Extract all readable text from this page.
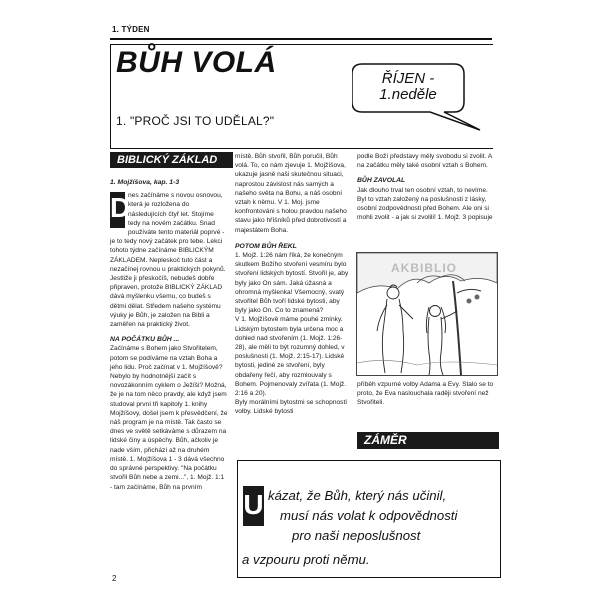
1. TÝDEN
BŮH VOLÁ
1. "PROČ JSI TO UDĚLAL?"
ŘÍJEN -
1.neděle
BIBLICKÝ ZÁKLAD
1. Mojžíšova, kap. 1-3
D

nes začínáme s novou osnovou, která je rozložena do následujících čtyř let. Stojíme tedy na novém začátku. Snad používáte tento materiál poprvé - je to tedy nový začátek pro tebe. Lekci tohoto týdne začínáme BIBLICKÝM ZÁKLADEM. Nepleskoč tuto část a nezačínej rovnou u praktických pokynů. Jestliže ji přeskočíš, nebudeš dobře připraven, protože BIBLICKÝ ZÁKLAD dává myšlenku všemu, co budeš s dětmi dělat. Středem našeho systému výuky je Bůh, je založen na Bibli a zaměřen na praktický život.

NA POČÁTKU BŮH ...

Začínáme s Bohem jako Stvořitelem, potom se podíváme na vztah Boha a jeho lidu. Proč začínat v 1. Mojžíšově? Nebylo by hodnotnější začít s novozákonním cyklem o Ježíši? Možná, že je na tom něco pravdy, ale když jsem studoval první tři kapitoly 1. knihy Mojžíšovy, došel jsem k přesvědčení, že náš program je na místě. Tak často se dnes ve světě setkáváme s důrazem na lidské činy a úspěchy. Bůh, ačkoliv je nade vším, přichází až na druhém místě. 1. Mojžíšova 1 - 3 dává všechno do správné perspektivy. "Na počátku stvořil Bůh nebe a zemi...", 1. Mojž. 1:1 - tam začínáme, Bůh na prvním

místě. Bůh stvořil, Bůh poručil, Bůh volá. To, co nám zjevuje 1. Mojžíšova, ukazuje jasně naši skutečnou situaci, naprostou závislost nás samých a našeho světa na Bohu, a náš osobní vztah k němu. V 1. Moj. jsme konfrontováni s holou pravdou našeho stavu jako hříšníků před dobrotivostí a majestátem Boha.

POTOM BŮH ŘEKL

1. Mojž. 1:26 nám říká, že konečným skutkem Božího stvoření vesmíru bylo stvoření lidských bytostí. Stvořil je, aby byly jako On sám. Jaká úžasná a ohromná myšlenka! Všemocný, svatý stvořitel Bůh tvoří lidské bytosti, aby byly jako On. Co to znamená?

V 1. Mojžíšově máme pouhé zmínky. Lidským bytostem byla určena moc a dohled nad stvořením (1. Mojž. 1:26-28), ale měli to být rozumný dohled, v poslušnosti (1. Mojž. 2:15-17). Lidské bytosti, jediné ze stvoření, byly obdařeny řečí, aby rozmlouvaly s Bohem. Pojmenovaly zvířata (1. Mojž. 2:16 a 20).

Byly morálními bytostmi se schopností volby. Lidské bytosti

podle Boží představy měly svobodu si zvolit. A na začátku měly také osobní vztah s Bohem.

BŮH ZAVOLAL

Jak dlouho trval ten osobní vztah, to nevíme. Byl to vztah založený na poslušnosti z lásky, osobní zodpovědnosti před Bohem. Ale oni si mohli zvolit - a jak si zvolili! 1. Mojž. 3 popisuje

AKBIBLIO

příběh vzpurné volby Adama a Evy. Stalo se to proto, že Eva naslouchala raději stvoření než Stvořiteli.

ZÁMĚR
U kázat, že Bůh, který nás učinil,
musí nás volat k odpovědnosti
pro naši neposlušnost
a vzpouru proti němu.
2
